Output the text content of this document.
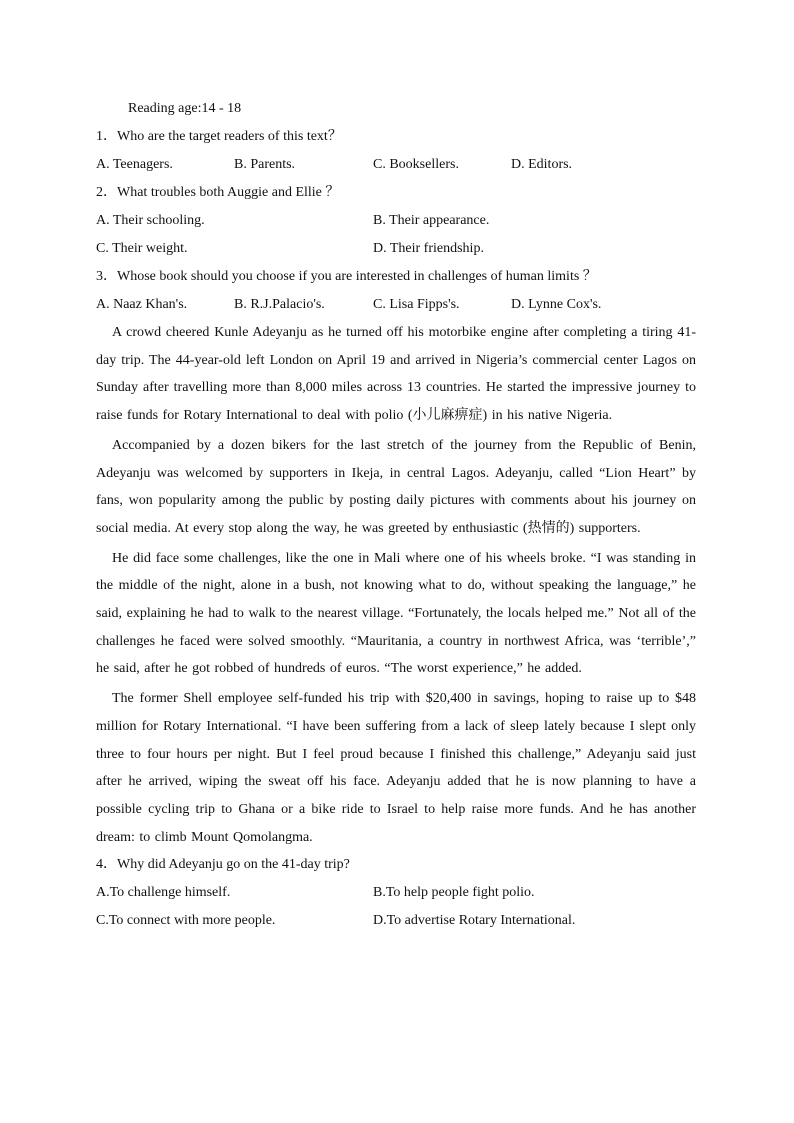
Reading age:14 - 18
1．Who are the target readers of this text？
A. Teenagers.	B. Parents.	C. Booksellers.	D. Editors.
2．What troubles both Auggie and Ellie ？
A. Their schooling.	B. Their appearance.
C. Their weight.	D. Their friendship.
3．Whose book should you choose if you are interested in challenges of human limits ？
A. Naaz Khan's.	B. R.J.Palacio's.	C. Lisa Fipps's.	D. Lynne Cox's.

A crowd cheered Kunle Adeyanju as he turned off his motorbike engine after completing a tiring 41-day trip. The 44-year-old left London on April 19 and arrived in Nigeria’s commercial center Lagos on Sunday after travelling more than 8,000 miles across 13 countries. He started the impressive journey to raise funds for Rotary International to deal with polio (小儿麻痹症) in his native Nigeria.

Accompanied by a dozen bikers for the last stretch of the journey from the Republic of Benin, Adeyanju was welcomed by supporters in Ikeja, in central Lagos. Adeyanju, called “Lion Heart” by fans, won popularity among the public by posting daily pictures with comments about his journey on social media. At every stop along the way, he was greeted by enthusiastic (热情的) supporters.

He did face some challenges, like the one in Mali where one of his wheels broke. “I was standing in the middle of the night, alone in a bush, not knowing what to do, without speaking the language,” he said, explaining he had to walk to the nearest village. “Fortunately, the locals helped me.” Not all of the challenges he faced were solved smoothly. “Mauritania, a country in northwest Africa, was ‘terrible’,” he said, after he got robbed of hundreds of euros. “The worst experience,” he added.

The former Shell employee self-funded his trip with $20,400 in savings, hoping to raise up to $48 million for Rotary International. “I have been suffering from a lack of sleep lately because I slept only three to four hours per night. But I feel proud because I finished this challenge,” Adeyanju said just after he arrived, wiping the sweat off his face. Adeyanju added that he is now planning to have a possible cycling trip to Ghana or a bike ride to Israel to help raise more funds. And he has another dream: to climb Mount Qomolangma.

4．Why did Adeyanju go on the 41-day trip?
A.To challenge himself.	B.To help people fight polio.
C.To connect with more people.	D.To advertise Rotary International.
